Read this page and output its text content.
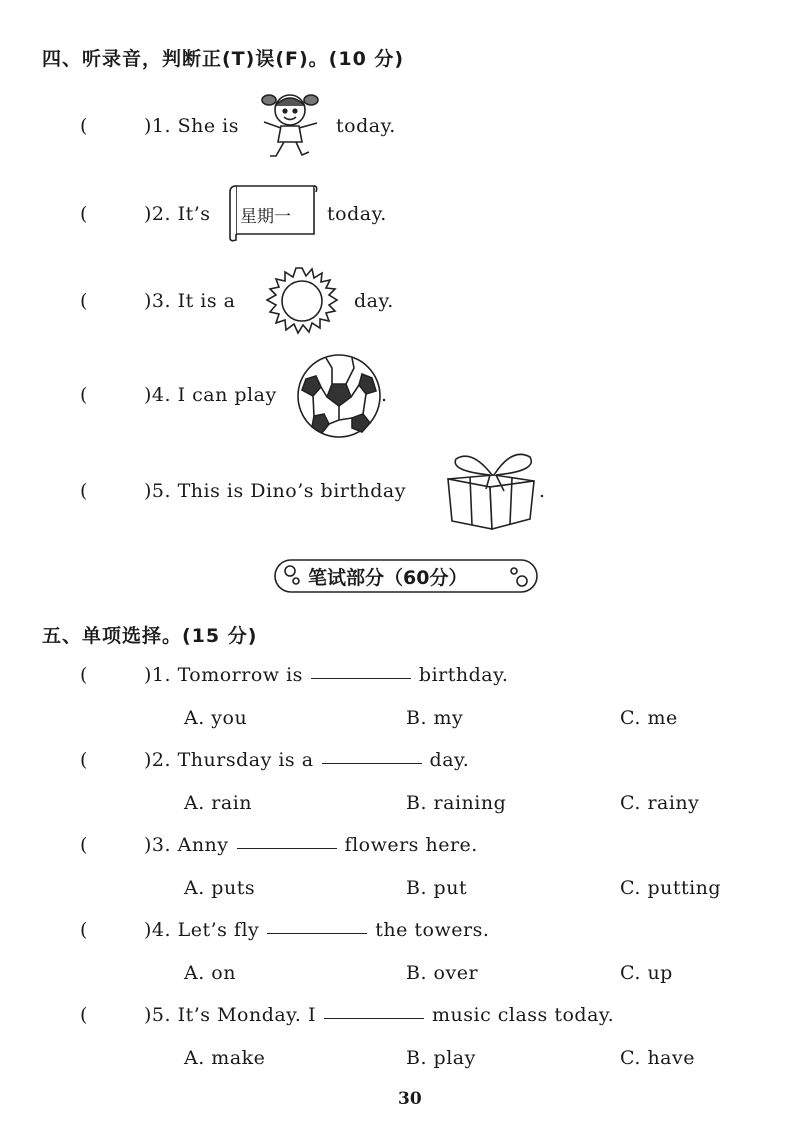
四、听录音，判断正(T)误(F)。(10 分)
(	)1. She is	today.
(	)2. It’s 星期一 today.
(	)3. It is a	day.
(	)4. I can play	.
(	)5. This is Dino’s birthday	.
笔试部分（60分）
五、单项选择。(15 分)
(	)1. Tomorrow is	birthday.
A. you	B. my	C. me
(	)2. Thursday is a	day.
A. rain	B. raining	C. rainy
(	)3. Anny	flowers here.
A. puts	B. put	C. putting
(	)4. Let’s fly	the towers.
A. on	B. over	C. up
(	)5. It’s Monday. I	music class today.
A. make	B. play	C. have
30
